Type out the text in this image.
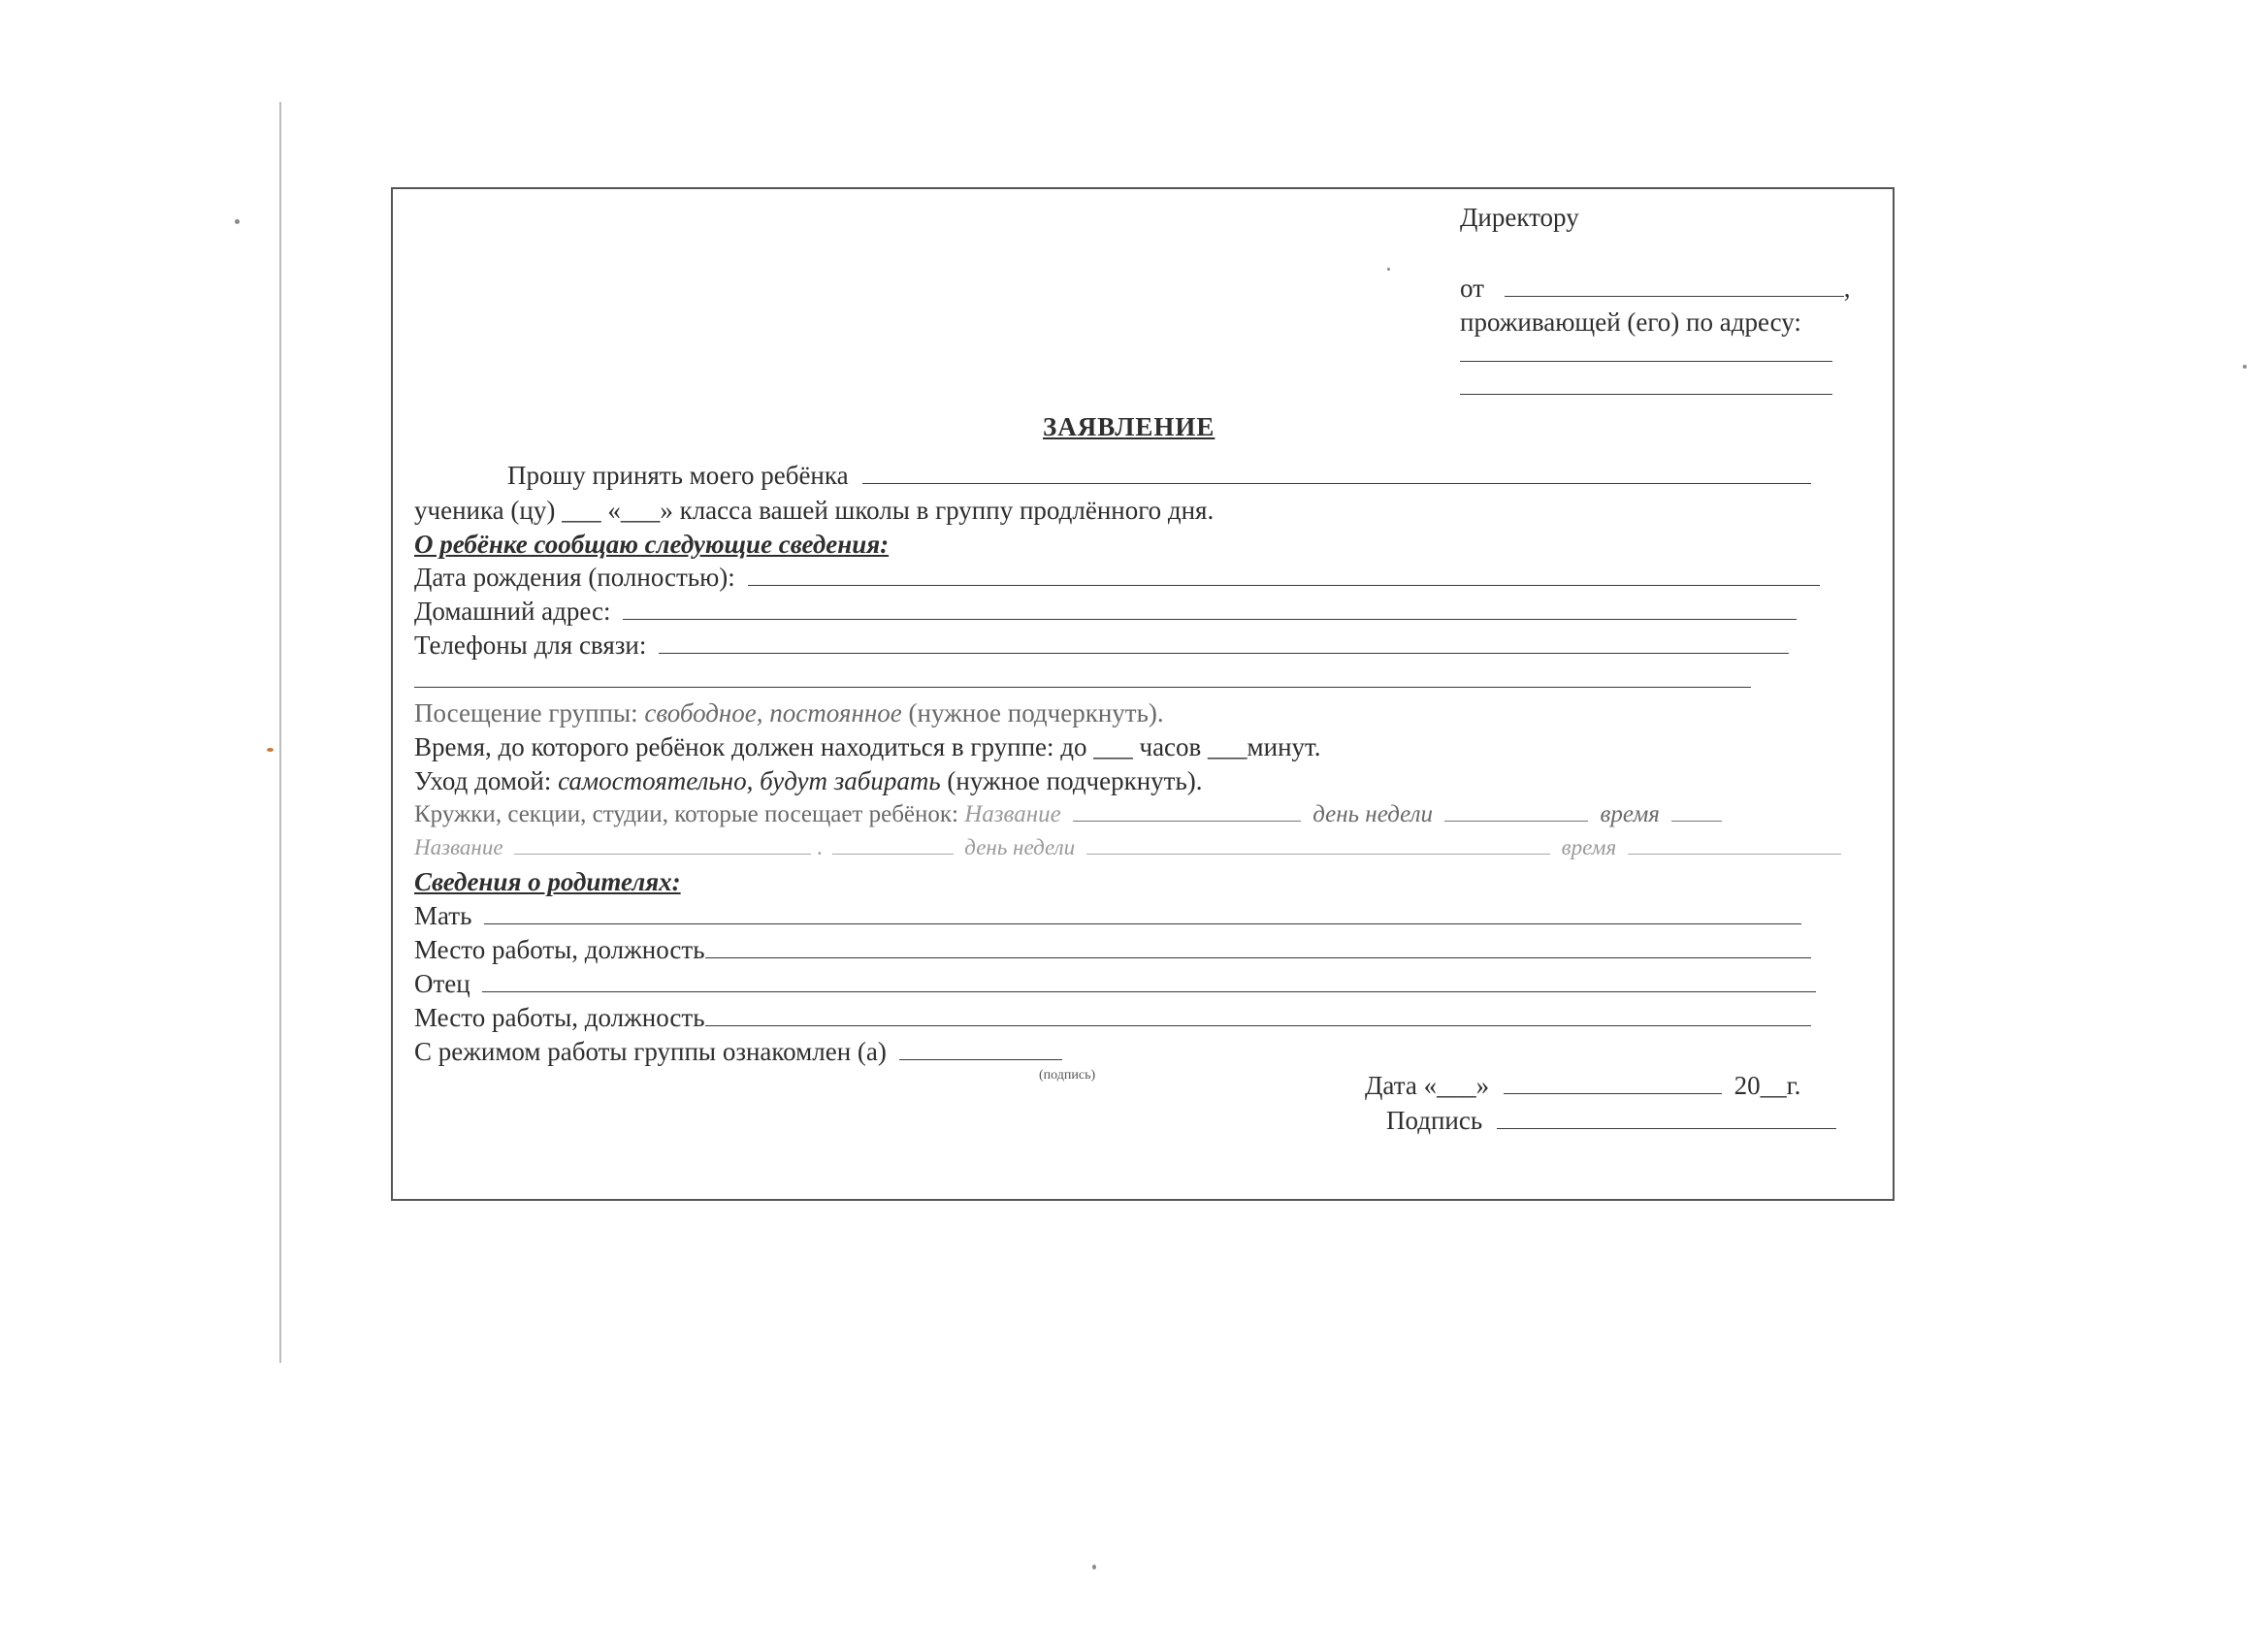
Директору
от	,
проживающей (его) по адресу:
ЗАЯВЛЕНИЕ
Прошу принять моего ребёнка
ученика (цу) ___ «___» класса вашей школы в группу продлённого дня.
О ребёнке сообщаю следующие сведения:
Дата рождения (полностью):
Домашний адрес:
Телефоны для связи:
Посещение группы: свободное, постоянное (нужное подчеркнуть).
Время, до которого ребёнок должен находиться в группе: до ___ часов ___минут.
Уход домой: самостоятельно, будут забирать (нужное подчеркнуть).
Кружки, секции, студии, которые посещает ребёнок: Название	день недели	время
Название	.	день недели	время
Сведения о родителях:
Мать
Место работы, должность
Отец
Место работы, должность
С режимом работы группы ознакомлен (а)
(подпись)	Дата «___»	20__г.
Подпись
